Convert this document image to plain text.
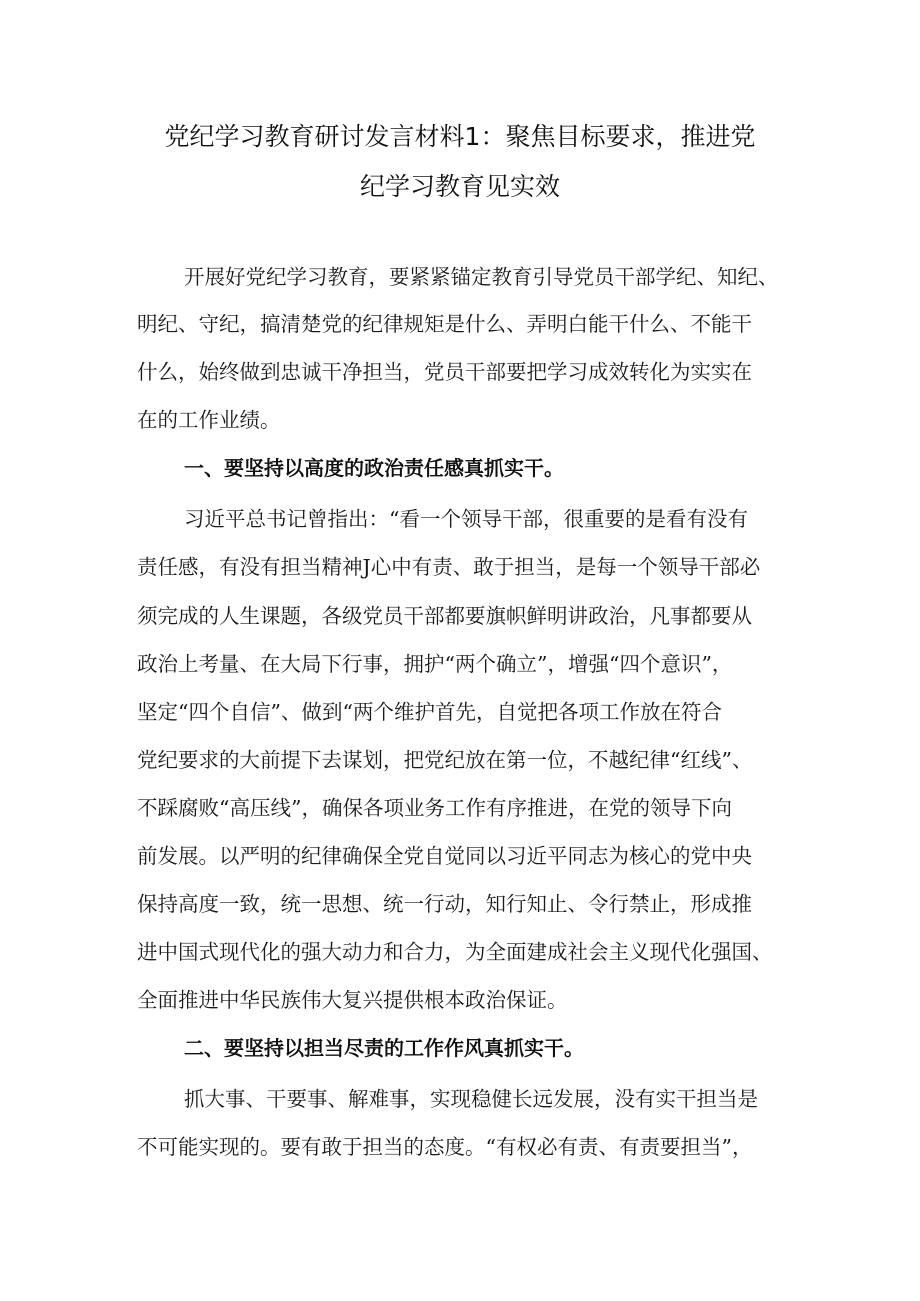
党纪学习教育研讨发言材料1：聚焦目标要求，推进党
纪学习教育见实效
开展好党纪学习教育，要紧紧锚定教育引导党员干部学纪、知纪、
明纪、守纪，搞清楚党的纪律规矩是什么、弄明白能干什么、不能干
什么，始终做到忠诚干净担当，党员干部要把学习成效转化为实实在
在的工作业绩。
一、要坚持以高度的政治责任感真抓实干。
习近平总书记曾指出：“看一个领导干部，很重要的是看有没有
责任感，有没有担当精神J心中有责、敢于担当，是每一个领导干部必
须完成的人生课题，各级党员干部都要旗帜鲜明讲政治，凡事都要从
政治上考量、在大局下行事，拥护“两个确立”，增强“四个意识”，
坚定“四个自信”、做到“两个维护首先，自觉把各项工作放在符合
党纪要求的大前提下去谋划，把党纪放在第一位，不越纪律“红线”、
不踩腐败“高压线”，确保各项业务工作有序推进，在党的领导下向
前发展。以严明的纪律确保全党自觉同以习近平同志为核心的党中央
保持高度一致，统一思想、统一行动，知行知止、令行禁止，形成推
进中国式现代化的强大动力和合力，为全面建成社会主义现代化强国、
全面推进中华民族伟大复兴提供根本政治保证。
二、要坚持以担当尽责的工作作风真抓实干。
抓大事、干要事、解难事，实现稳健长远发展，没有实干担当是
不可能实现的。要有敢于担当的态度。“有权必有责、有责要担当”，
